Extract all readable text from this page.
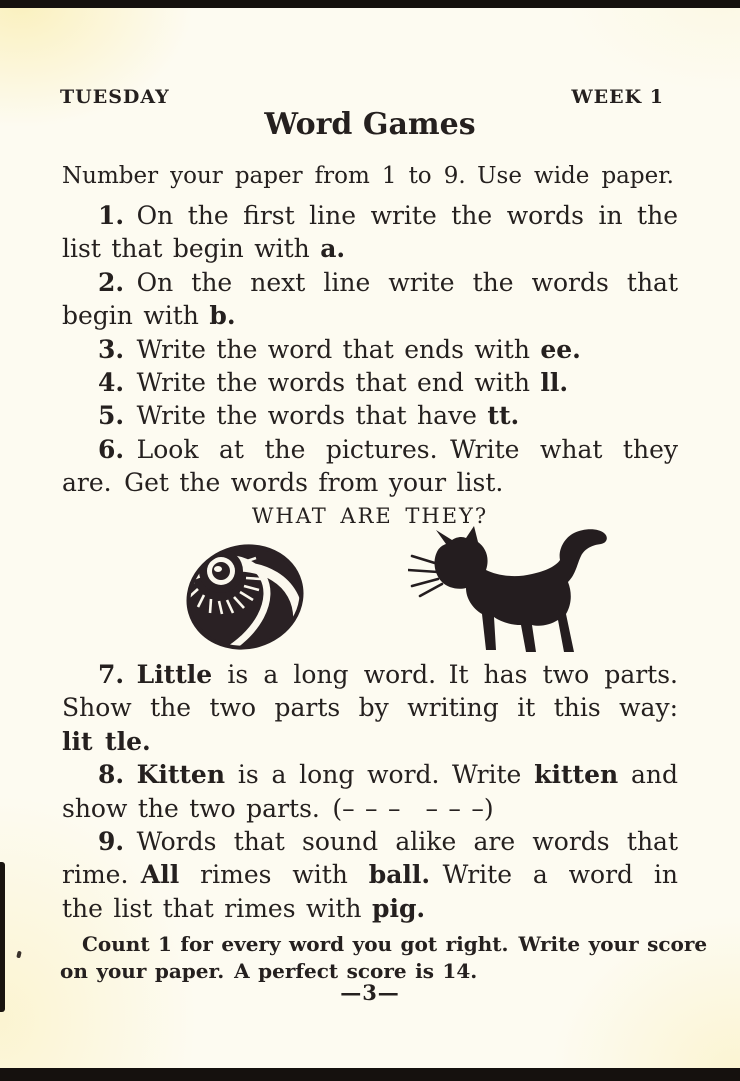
TUESDAY	WEEK 1
Word Games
Number your paper from 1 to 9. Use wide paper.
1. On the first line write the words in the
list that begin with a.
2. On the next line write the words that
begin with b.
3. Write the word that ends with ee.
4. Write the words that end with ll.
5. Write the words that have tt.
6. Look at the pictures. Write what they
are. Get the words from your list.
WHAT ARE THEY?
7.  Little is a long word. It has two parts.
Show the two parts by writing it this way:
lit tle.
8.  Kitten is a long word. Write kitten and
show the two parts. (– – – – – –)
9. Words that sound alike are words that
rime. All rimes with ball. Write a word in
the list that rimes with pig.
Count 1 for every word you got right. Write your score
on your paper. A perfect score is 14.
—3—
